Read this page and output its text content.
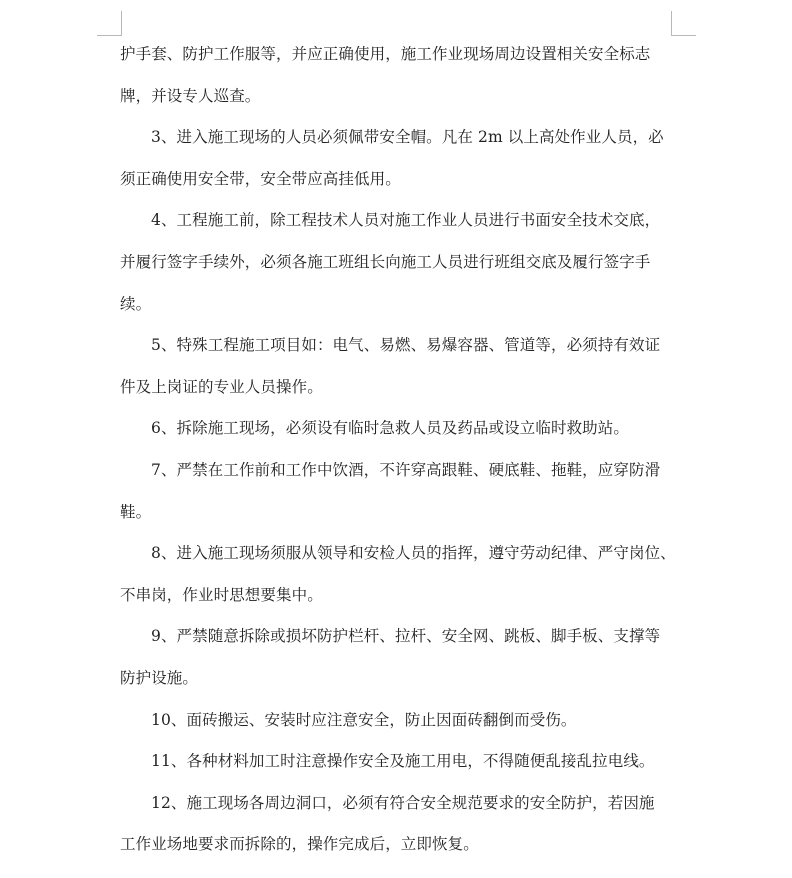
护手套、防护工作服等，并应正确使用，施工作业现场周边设置相关安全标志
牌，并设专人巡查。
3、进入施工现场的人员必须佩带安全帽。凡在 2m 以上高处作业人员，必
须正确使用安全带，安全带应高挂低用。
4、工程施工前，除工程技术人员对施工作业人员进行书面安全技术交底，
并履行签字手续外，必须各施工班组长向施工人员进行班组交底及履行签字手
续。
5、特殊工程施工项目如：电气、易燃、易爆容器、管道等，必须持有效证
件及上岗证的专业人员操作。
6、拆除施工现场，必须设有临时急救人员及药品或设立临时救助站。
7、严禁在工作前和工作中饮酒，不许穿高跟鞋、硬底鞋、拖鞋，应穿防滑
鞋。
8、进入施工现场须服从领导和安检人员的指挥，遵守劳动纪律、严守岗位、
不串岗，作业时思想要集中。
9、严禁随意拆除或损坏防护栏杆、拉杆、安全网、跳板、脚手板、支撑等
防护设施。
10、面砖搬运、安装时应注意安全，防止因面砖翻倒而受伤。
11、各种材料加工时注意操作安全及施工用电，不得随便乱接乱拉电线。
12、施工现场各周边洞口，必须有符合安全规范要求的安全防护，若因施
工作业场地要求而拆除的，操作完成后，立即恢复。
